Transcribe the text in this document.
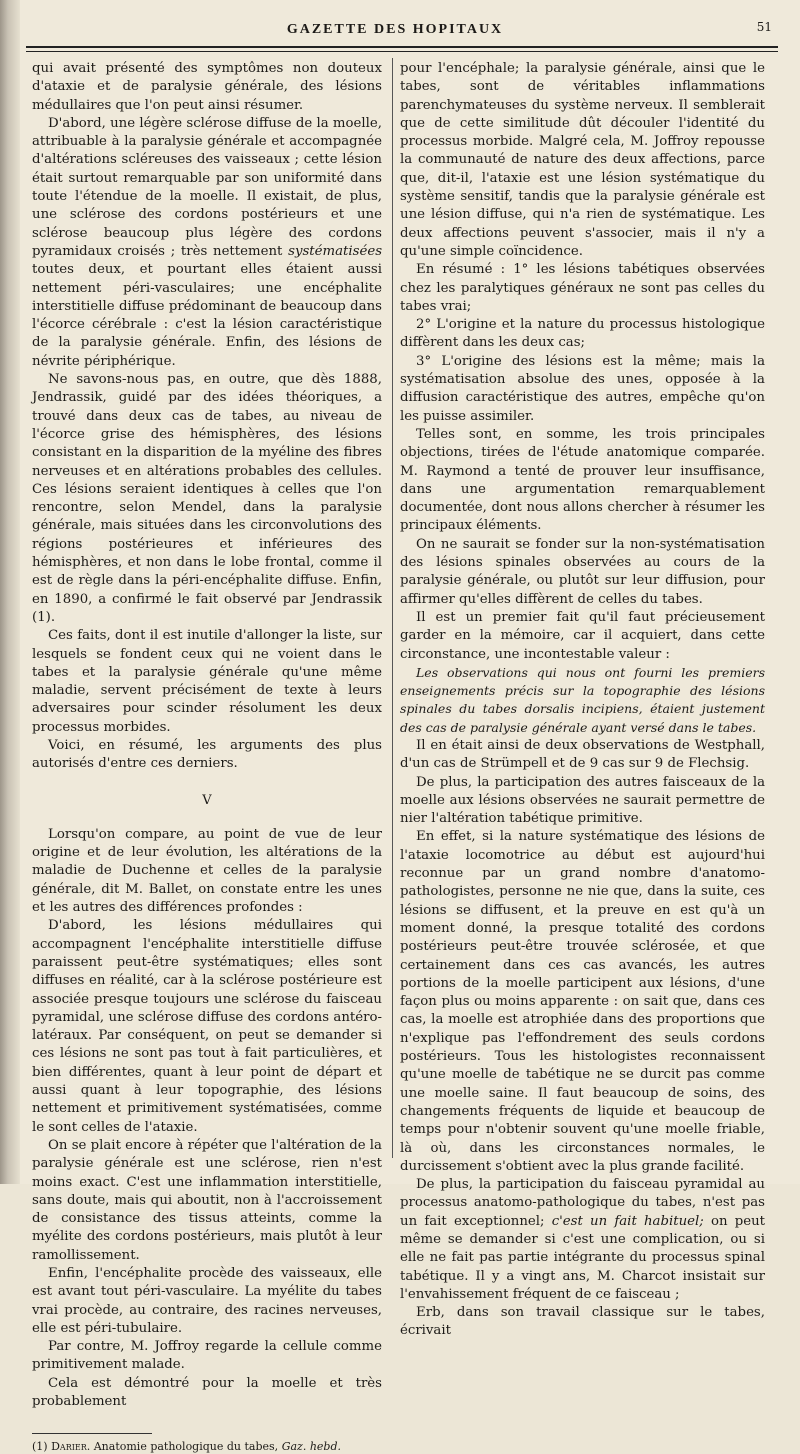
GAZETTE DES HOPITAUX	51

qui avait présenté des symptômes non douteux d'ataxie et de paralysie générale, des lésions médullaires que l'on peut ainsi résumer.

D'abord, une légère sclérose diffuse de la moelle, attribuable à la paralysie générale et accompagnée d'altérations scléreuses des vaisseaux ; cette lésion était surtout remarquable par son uniformité dans toute l'étendue de la moelle. Il existait, de plus, une sclérose des cordons postérieurs et une sclérose beaucoup plus légère des cordons pyramidaux croisés ; très nettement systématisées toutes deux, et pourtant elles étaient aussi nettement péri-vasculaires; une encéphalite interstitielle diffuse prédominant de beaucoup dans l'écorce cérébrale : c'est la lésion caractéristique de la paralysie générale. Enfin, des lésions de névrite périphérique.

Ne savons-nous pas, en outre, que dès 1888, Jendrassik, guidé par des idées théoriques, a trouvé dans deux cas de tabes, au niveau de l'écorce grise des hémisphères, des lésions consistant en la disparition de la myéline des fibres nerveuses et en altérations probables des cellules. Ces lésions seraient identiques à celles que l'on rencontre, selon Mendel, dans la paralysie générale, mais situées dans les circonvolutions des régions postérieures et inférieures des hémisphères, et non dans le lobe frontal, comme il est de règle dans la péri-encéphalite diffuse. Enfin, en 1890, a confirmé le fait observé par Jendrassik (1).

Ces faits, dont il est inutile d'allonger la liste, sur lesquels se fondent ceux qui ne voient dans le tabes et la paralysie générale qu'une même maladie, servent précisément de texte à leurs adversaires pour scinder résolument les deux processus morbides.

Voici, en résumé, les arguments des plus autorisés d'entre ces derniers.

V

Lorsqu'on compare, au point de vue de leur origine et de leur évolution, les altérations de la maladie de Duchenne et celles de la paralysie générale, dit M. Ballet, on constate entre les unes et les autres des différences profondes :

D'abord, les lésions médullaires qui accompagnent l'encéphalite interstitielle diffuse paraissent peut-être systématiques; elles sont diffuses en réalité, car à la sclérose postérieure est associée presque toujours une sclérose du faisceau pyramidal, une sclérose diffuse des cordons antéro-latéraux. Par conséquent, on peut se demander si ces lésions ne sont pas tout à fait particulières, et bien différentes, quant à leur point de départ et aussi quant à leur topographie, des lésions nettement et primitivement systématisées, comme le sont celles de l'ataxie.

On se plait encore à répéter que l'altération de la paralysie générale est une sclérose, rien n'est moins exact. C'est une inflammation interstitielle, sans doute, mais qui aboutit, non à l'accroissement de consistance des tissus atteints, comme la myélite des cordons postérieurs, mais plutôt à leur ramollissement.

Enfin, l'encéphalite procède des vaisseaux, elle est avant tout péri-vasculaire. La myélite du tabes vrai procède, au contraire, des racines nerveuses, elle est péri-tubulaire.

Par contre, M. Joffroy regarde la cellule comme primitivement malade.

Cela est démontré pour la moelle et très probablement

(1) Darier. Anatomie pathologique du tabes, Gaz. hebd.

pour l'encéphale; la paralysie générale, ainsi que le tabes, sont de véritables inflammations parenchymateuses du système nerveux. Il semblerait que de cette similitude dût découler l'identité du processus morbide. Malgré cela, M. Joffroy repousse la communauté de nature des deux affections, parce que, dit-il, l'ataxie est une lésion systématique du système sensitif, tandis que la paralysie générale est une lésion diffuse, qui n'a rien de systématique. Les deux affections peuvent s'associer, mais il n'y a qu'une simple coïncidence.

En résumé : 1° les lésions tabétiques observées chez les paralytiques généraux ne sont pas celles du tabes vrai;

2° L'origine et la nature du processus histologique diffèrent dans les deux cas;

3° L'origine des lésions est la même; mais la systématisation absolue des unes, opposée à la diffusion caractéristique des autres, empêche qu'on les puisse assimiler.

Telles sont, en somme, les trois principales objections, tirées de l'étude anatomique comparée. M. Raymond a tenté de prouver leur insuffisance, dans une argumentation remarquablement documentée, dont nous allons chercher à résumer les principaux éléments.

On ne saurait se fonder sur la non-systématisation des lésions spinales observées au cours de la paralysie générale, ou plutôt sur leur diffusion, pour affirmer qu'elles diffèrent de celles du tabes.

Il est un premier fait qu'il faut précieusement garder en la mémoire, car il acquiert, dans cette circonstance, une incontestable valeur :

Les observations qui nous ont fourni les premiers enseignements précis sur la topographie des lésions spinales du tabes dorsalis incipiens, étaient justement des cas de paralysie générale ayant versé dans le tabes.

Il en était ainsi de deux observations de Westphall, d'un cas de Strümpell et de 9 cas sur 9 de Flechsig.

De plus, la participation des autres faisceaux de la moelle aux lésions observées ne saurait permettre de nier l'altération tabétique primitive.

En effet, si la nature systématique des lésions de l'ataxie locomotrice au début est aujourd'hui reconnue par un grand nombre d'anatomo-pathologistes, personne ne nie que, dans la suite, ces lésions se diffusent, et la preuve en est qu'à un moment donné, la presque totalité des cordons postérieurs peut-être trouvée sclérosée, et que certainement dans ces cas avancés, les autres portions de la moelle participent aux lésions, d'une façon plus ou moins apparente : on sait que, dans ces cas, la moelle est atrophiée dans des proportions que n'explique pas l'effondrement des seuls cordons postérieurs. Tous les histologistes reconnaissent qu'une moelle de tabétique ne se durcit pas comme une moelle saine. Il faut beaucoup de soins, des changements fréquents de liquide et beaucoup de temps pour n'obtenir souvent qu'une moelle friable, là où, dans les circonstances normales, le durcissement s'obtient avec la plus grande facilité.

De plus, la participation du faisceau pyramidal au processus anatomo-pathologique du tabes, n'est pas un fait exceptionnel; c'est un fait habituel; on peut même se demander si c'est une complication, ou si elle ne fait pas partie intégrante du processus spinal tabétique. Il y a vingt ans, M. Charcot insistait sur l'envahissement fréquent de ce faisceau ;

Erb, dans son travail classique sur le tabes, écrivait
